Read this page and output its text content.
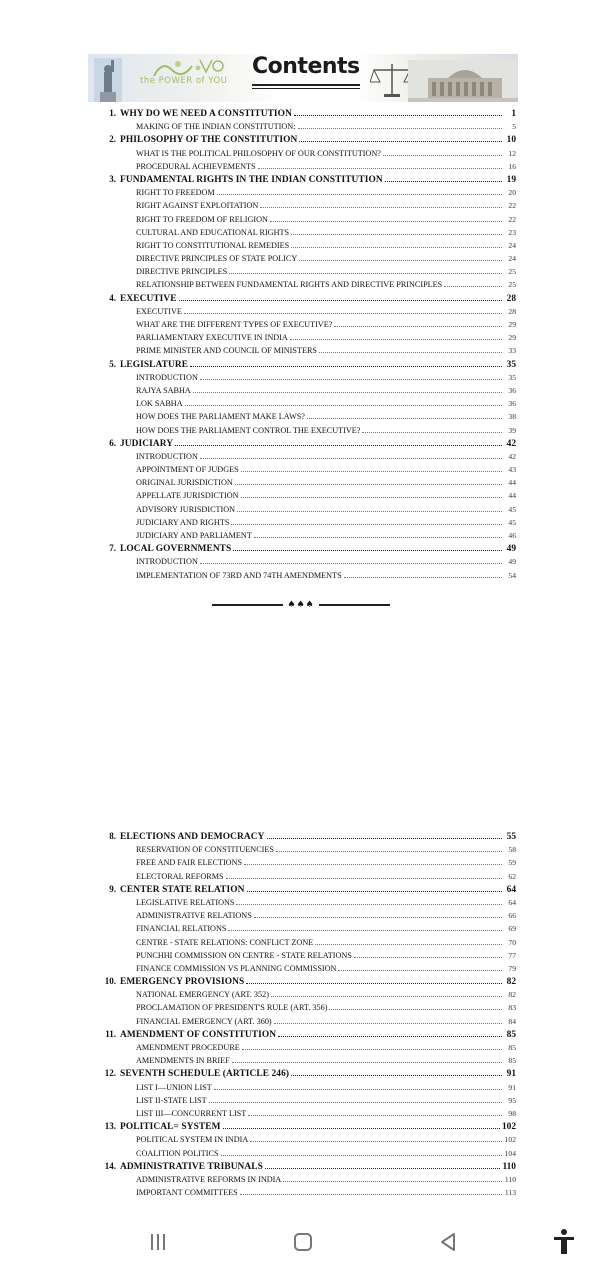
the POWER of YOU
Contents
1. WHY DO WE NEED A CONSTITUTION	1
MAKING OF THE INDIAN CONSTITUTION:	5
2. PHILOSOPHY OF THE CONSTITUTION	10
WHAT IS THE POLITICAL PHILOSOPHY OF OUR CONSTITUTION?	12
PROCEDURAL ACHIEVEMENTS	16
3. FUNDAMENTAL RIGHTS IN THE INDIAN CONSTITUTION	19
RIGHT TO FREEDOM	20
RIGHT AGAINST EXPLOITATION	22
RIGHT TO FREEDOM OF RELIGION	22
CULTURAL AND EDUCATIONAL RIGHTS	23
RIGHT TO CONSTITUTIONAL REMEDIES	24
DIRECTIVE PRINCIPLES OF STATE POLICY	24
DIRECTIVE PRINCIPLES	25
RELATIONSHIP BETWEEN FUNDAMENTAL RIGHTS AND DIRECTIVE PRINCIPLES	25
4. EXECUTIVE	28
EXECUTIVE	28
WHAT ARE THE DIFFERENT TYPES OF EXECUTIVE?	29
PARLIAMENTARY EXECUTIVE IN INDIA	29
PRIME MINISTER AND COUNCIL OF MINISTERS	33
5. LEGISLATURE	35
INTRODUCTION	35
RAJYA SABHA	36
LOK SABHA	36
HOW DOES THE PARLIAMENT MAKE LAWS?	38
HOW DOES THE PARLIAMENT CONTROL THE EXECUTIVE?	39
6. JUDICIARY	42
INTRODUCTION	42
APPOINTMENT OF JUDGES	43
ORIGINAL JURISDICTION	44
APPELLATE JURISDICTION	44
ADVISORY JURISDICTION	45
JUDICIARY AND RIGHTS	45
JUDICIARY AND PARLIAMENT	46
7. LOCAL GOVERNMENTS	49
INTRODUCTION	49
IMPLEMENTATION OF 73RD AND 74TH AMENDMENTS	54
♠♠♠
8. ELECTIONS AND DEMOCRACY	55
RESERVATION OF CONSTITUENCIES	58
FREE AND FAIR ELECTIONS	59
ELECTORAL REFORMS	62
9. CENTER STATE RELATION	64
LEGISLATIVE RELATIONS	64
ADMINISTRATIVE RELATIONS	66
FINANCIAL RELATIONS	69
CENTRE - STATE RELATIONS: CONFLICT ZONE	70
PUNCHHI COMMISSION ON CENTRE - STATE RELATIONS	77
FINANCE COMMISSION VS PLANNING COMMISSION	79
10. EMERGENCY PROVISIONS	82
NATIONAL EMERGENCY (ART. 352)	82
PROCLAMATION OF PRESIDENT'S RULE (ART. 356)	83
FINANCIAL EMERGENCY (ART. 360)	84
11. AMENDMENT OF CONSTITUTION	85
AMENDMENT PROCEDURE	85
AMENDMENTS IN BRIEF	85
12. SEVENTH SCHEDULE (ARTICLE 246)	91
LIST I—UNION LIST	91
LIST II-STATE LIST	95
LIST III—CONCURRENT LIST	98
13. POLITICAL= SYSTEM	102
POLITICAL SYSTEM IN INDIA	102
COALITION POLITICS	104
14. ADMINISTRATIVE TRIBUNALS	110
ADMINISTRATIVE REFORMS IN INDIA	110
IMPORTANT COMMITTEES	113
